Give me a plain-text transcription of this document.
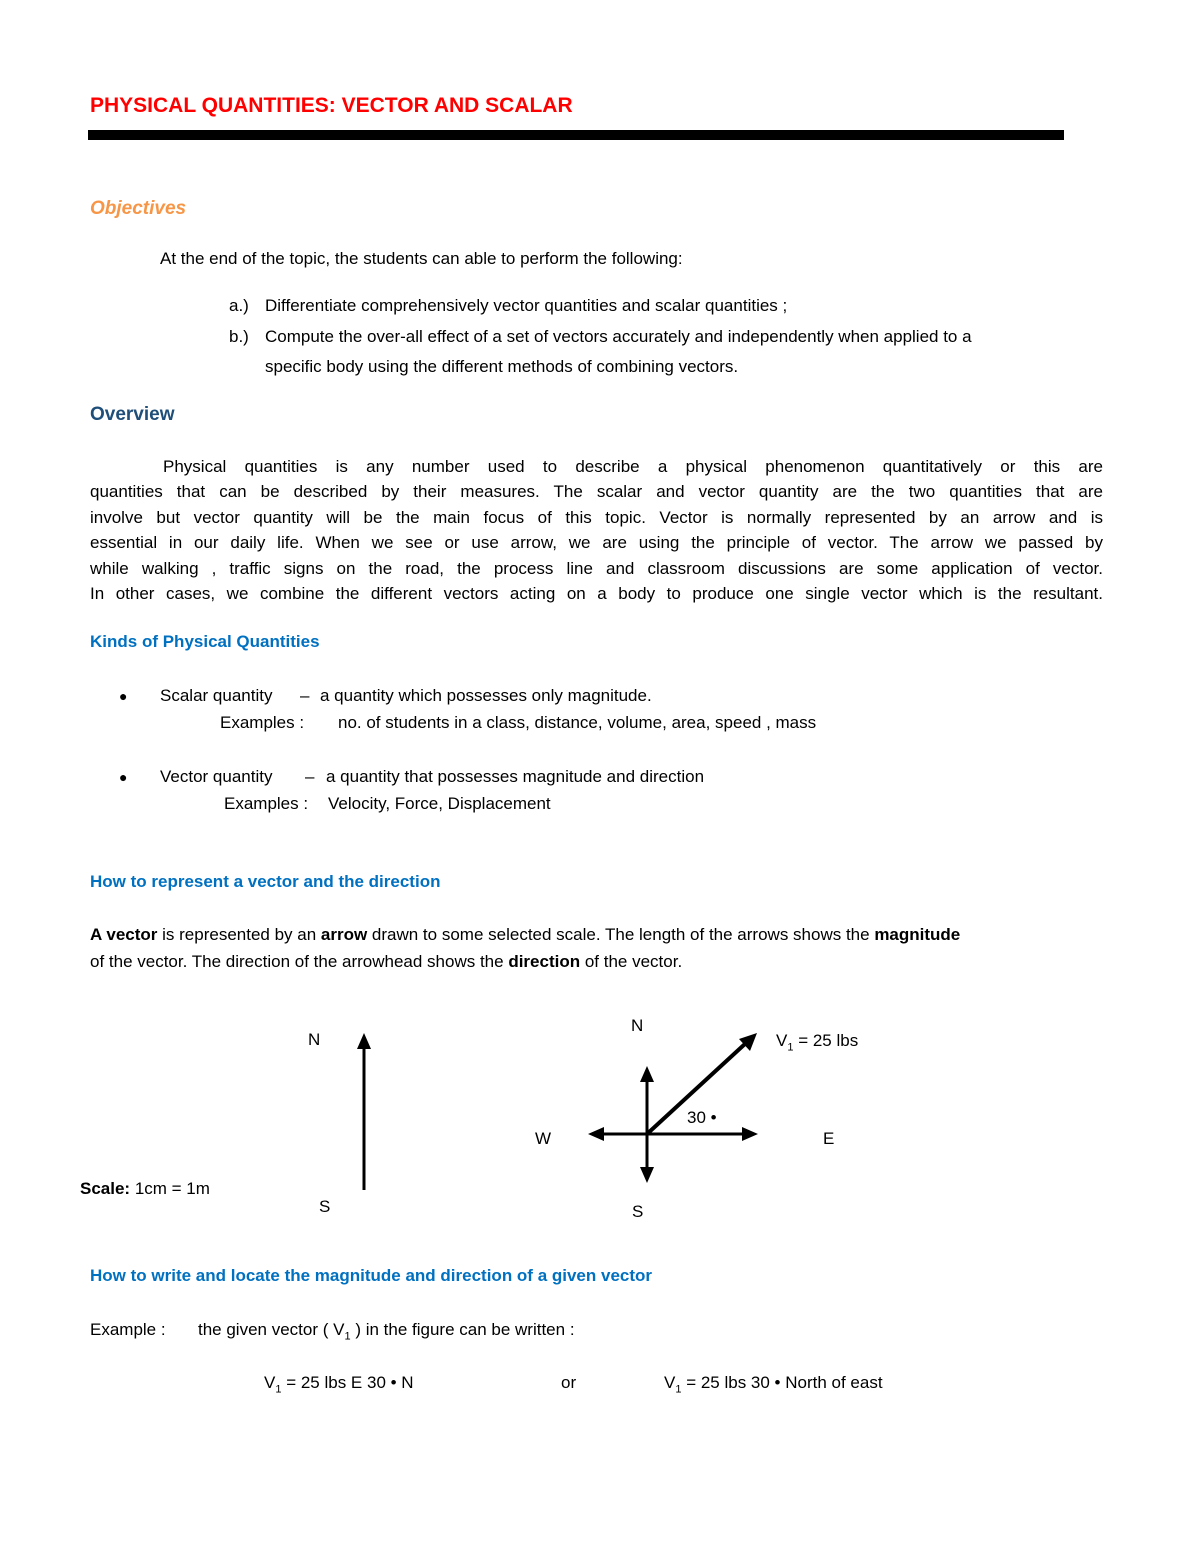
PHYSICAL QUANTITIES: VECTOR AND SCALAR
Objectives
At the end of the topic, the students can able to perform the following:
a.) Differentiate comprehensively vector quantities and scalar quantities ;
b.) Compute the over-all effect of a set of vectors accurately and independently when applied to a
specific body using the different methods of combining vectors.
Overview
Physical quantities is any number used to describe a physical phenomenon quantitatively or this are
quantities that can be described by their measures. The scalar and vector quantity are the two quantities that are
involve but vector quantity will be the main focus of this topic. Vector is normally represented by an arrow and is
essential in our daily life. When we see or use arrow, we are using the principle of vector. The arrow we passed by
while walking , traffic signs on the road, the process line and classroom discussions are some application of vector.
In other cases, we combine the different vectors acting on a body to produce one single vector which is the resultant.
Kinds of Physical Quantities
● Scalar quantity – a quantity which possesses only magnitude.
Examples : no. of students in a class, distance, volume, area, speed , mass
● Vector quantity – a quantity that possesses magnitude and direction
Examples : Velocity, Force, Displacement
How to represent a vector and the direction
A vector is represented by an arrow drawn to some selected scale. The length of the arrows shows the magnitude
of the vector. The direction of the arrowhead shows the direction of the vector.
N
S
Scale: 1cm = 1m
N
S
W	E
30 •
$V_1 = 25$ lbs
How to write and locate the magnitude and direction of a given vector
Example : the given vector ( $V_1$ ) in the figure can be written :
$V_1 = 25$ lbs E 30 • N	or	$V_1 = 25$ lbs 30 • North of east
